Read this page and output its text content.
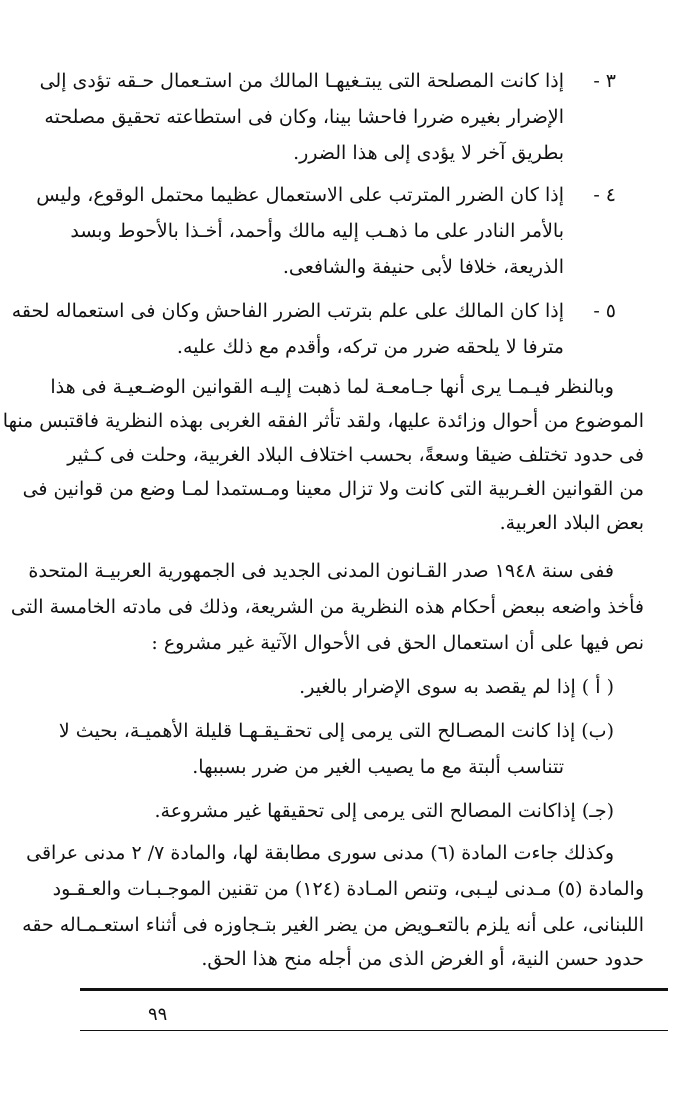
٣ -
إذا كانت المصلحة التى يبتـغيهـا المالك من استـعمال حـقه تؤدى إلى
الإضرار بغيره ضررا فاحشا بينا، وكان فى استطاعته تحقيق مصلحته
بطريق آخر لا يؤدى إلى هذا الضرر.
٤ -
إذا كان الضرر المترتب على الاستعمال عظيما محتمل الوقوع، وليس
بالأمر النادر على ما ذهـب إليه مالك وأحمد، أخـذا بالأحوط وبسد
الذريعة، خلافا لأبى حنيفة والشافعى.
٥ -
إذا كان المالك على علم بترتب الضرر الفاحش وكان فى استعماله لحقه
مترفا لا يلحقه ضرر من تركه، وأقدم مع ذلك عليه.
وبالنظر فيـمـا يرى أنها جـامعـة لما ذهبت إليـه القوانين الوضـعيـة فى هذا
الموضوع من أحوال وزائدة عليها، ولقد تأثر الفقه الغربى بهذه النظرية فاقتبس منها
فى حدود تختلف ضيقا وسعةً، بحسب اختلاف البلاد الغربية، وحلت فى كـثير
من القوانين الغـربية التى كانت ولا تزال معينا ومـستمدا لمـا وضع من قوانين فى
بعض البلاد العربية.
ففى سنة ١٩٤٨ صدر القـانون المدنى الجديد فى الجمهورية العربيـة المتحدة
فأخذ واضعه ببعض أحكام هذه النظرية من الشريعة، وذلك فى مادته الخامسة التى
نص فيها على أن استعمال الحق فى الأحوال الآتية غير مشروع :
( أ ) إذا لم يقصد به سوى الإضرار بالغير.
(ب) إذا كانت المصـالح التى يرمى إلى تحقـيقـهـا قليلة الأهميـة، بحيث لا
تتناسب ألبتة مع ما يصيب الغير من ضرر بسببها.
(جـ) إذاكانت المصالح التى يرمى إلى تحقيقها غير مشروعة.
وكذلك جاءت المادة (٦) مدنى سورى مطابقة لها، والمادة ٧/ ٢ مدنى عراقى
والمادة (٥) مـدنى ليـبى، وتنص المـادة (١٢٤) من تقنين الموجـبـات والعـقـود
اللبنانى، على أنه يلزم بالتعـويض من يضر الغير بتـجاوزه فى أثناء استعـمـاله حقه
حدود حسن النية، أو الغرض الذى من أجله منح هذا الحق.
٩٩
